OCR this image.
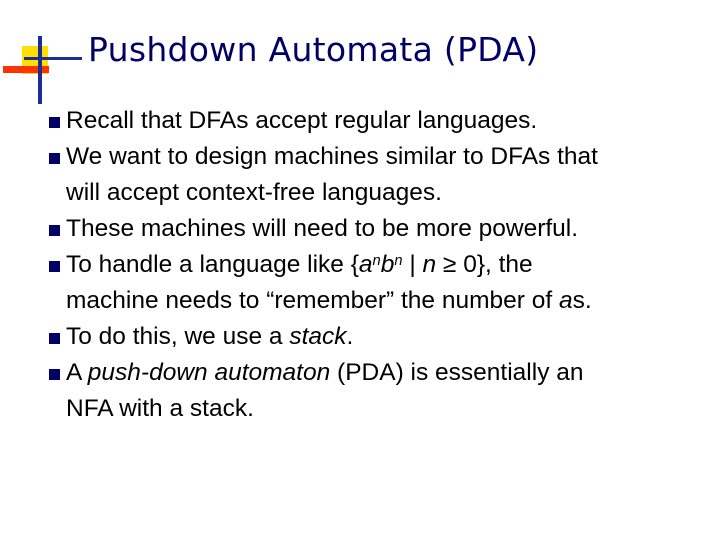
Pushdown Automata (PDA)
Recall that DFAs accept regular languages.
We want to design machines similar to DFAs that
will accept context-free languages.
These machines will need to be more powerful.
To handle a language like {$a^nb^n$ | n ≥ 0}, the
machine needs to “remember” the number of as.
To do this, we use a stack.
A push-down automaton (PDA) is essentially an
NFA with a stack.
